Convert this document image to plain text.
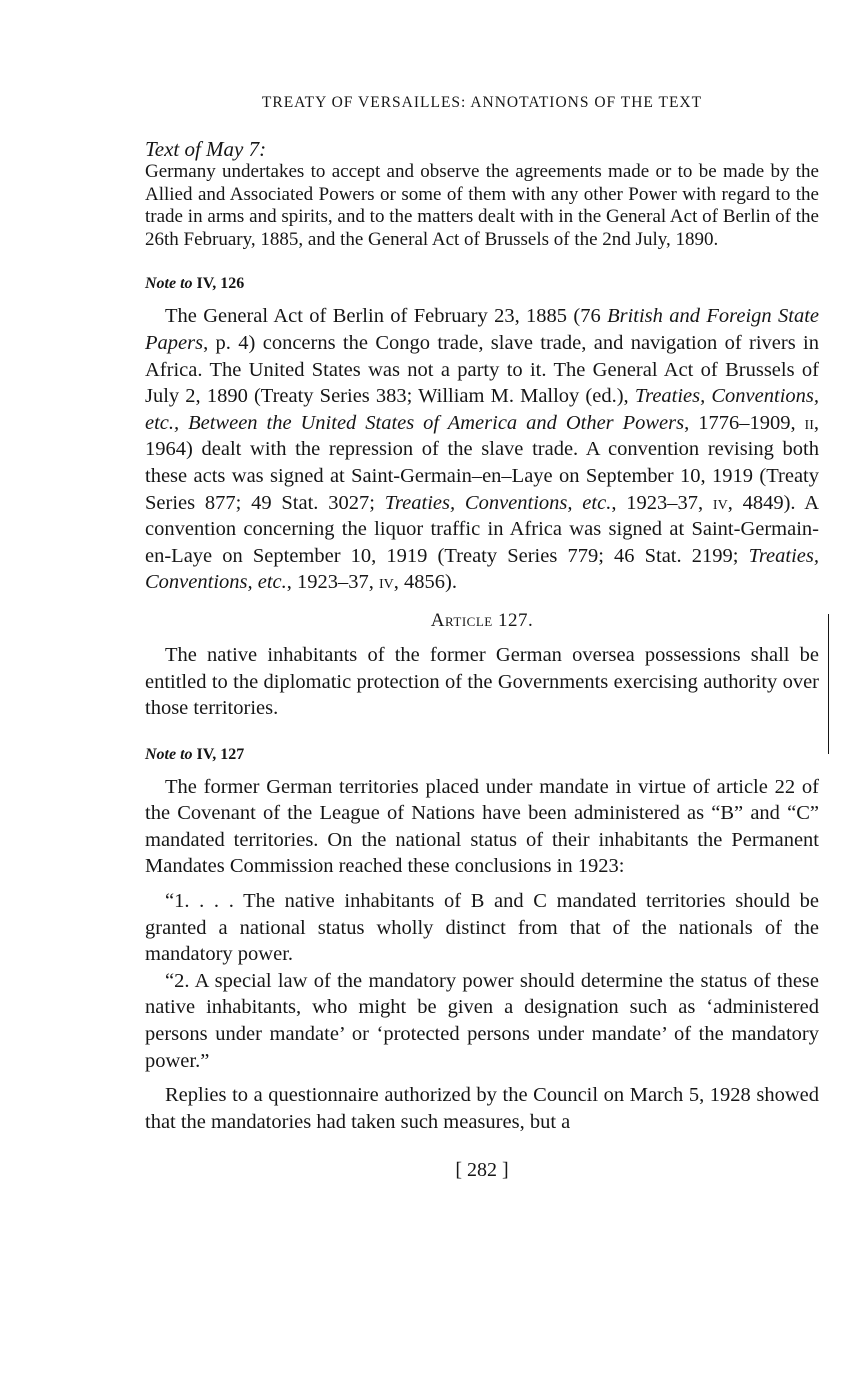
TREATY OF VERSAILLES: ANNOTATIONS OF THE TEXT
Text of May 7:
Germany undertakes to accept and observe the agreements made or to be made by the Allied and Associated Powers or some of them with any other Power with regard to the trade in arms and spirits, and to the matters dealt with in the General Act of Berlin of the 26th February, 1885, and the General Act of Brussels of the 2nd July, 1890.
Note to IV, 126

The General Act of Berlin of February 23, 1885 (76 British and Foreign State Papers, p. 4) concerns the Congo trade, slave trade, and navigation of rivers in Africa. The United States was not a party to it. The General Act of Brussels of July 2, 1890 (Treaty Series 383; William M. Malloy (ed.), Treaties, Conventions, etc., Between the United States of America and Other Powers, 1776–1909, ii, 1964) dealt with the repression of the slave trade. A convention revising both these acts was signed at Saint-Germain–en–Laye on September 10, 1919 (Treaty Series 877; 49 Stat. 3027; Treaties, Conventions, etc., 1923–37, iv, 4849). A convention concerning the liquor traffic in Africa was signed at Saint-Germain-en-Laye on September 10, 1919 (Treaty Series 779; 46 Stat. 2199; Treaties, Conventions, etc., 1923–37, iv, 4856).

Article 127.

The native inhabitants of the former German oversea possessions shall be entitled to the diplomatic protection of the Governments exercising authority over those territories.

Note to IV, 127

The former German territories placed under mandate in virtue of article 22 of the Covenant of the League of Nations have been administered as “B” and “C” mandated territories. On the national status of their inhabitants the Permanent Mandates Commission reached these conclusions in 1923:

“1. . . . The native inhabitants of B and C mandated territories should be granted a national status wholly distinct from that of the nationals of the mandatory power.

“2. A special law of the mandatory power should determine the status of these native inhabitants, who might be given a designation such as ‘administered persons under mandate’ or ‘protected persons under mandate’ of the mandatory power.”

Replies to a questionnaire authorized by the Council on March 5, 1928 showed that the mandatories had taken such measures, but a

[ 282 ]
